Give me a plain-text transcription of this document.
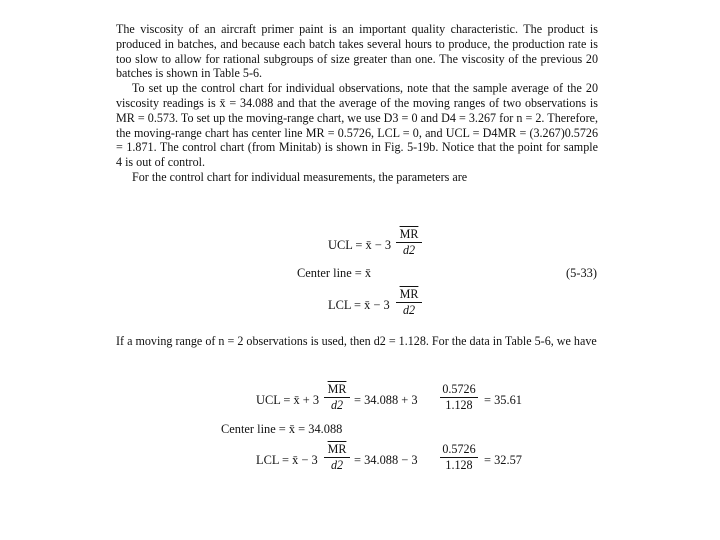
The viscosity of an aircraft primer paint is an important quality characteristic. The product is produced in batches, and because each batch takes several hours to produce, the production rate is too slow to allow for rational subgroups of size greater than one. The viscosity of the previous 20 batches is shown in Table 5-6.

To set up the control chart for individual observations, note that the sample average of the 20 viscosity readings is x̄ = 34.088 and that the average of the moving ranges of two observations is MR = 0.573. To set up the moving-range chart, we use D3 = 0 and D4 = 3.267 for n = 2. Therefore, the moving-range chart has center line MR = 0.5726, LCL = 0, and UCL = D4MR = (3.267)0.5726 = 1.871. The control chart (from Minitab) is shown in Fig. 5-19b. Notice that the point for sample 4 is out of control.

For the control chart for individual measurements, the parameters are

UCL = x̄ − 3
$\overline{MR}$
d2
Center line = x̄	(5-33)
LCL = x̄ − 3
$\overline{MR}$
d2

If a moving range of n = 2 observations is used, then d2 = 1.128. For the data in Table 5-6, we have

UCL = x̄ + 3
$\overline{MR}$
d2 = 34.088 + 3
0.5726
1.128 = 35.61
Center line = x̄ = 34.088
LCL = x̄ − 3
$\overline{MR}$
d2 = 34.088 − 3
0.5726
1.128 = 32.57
